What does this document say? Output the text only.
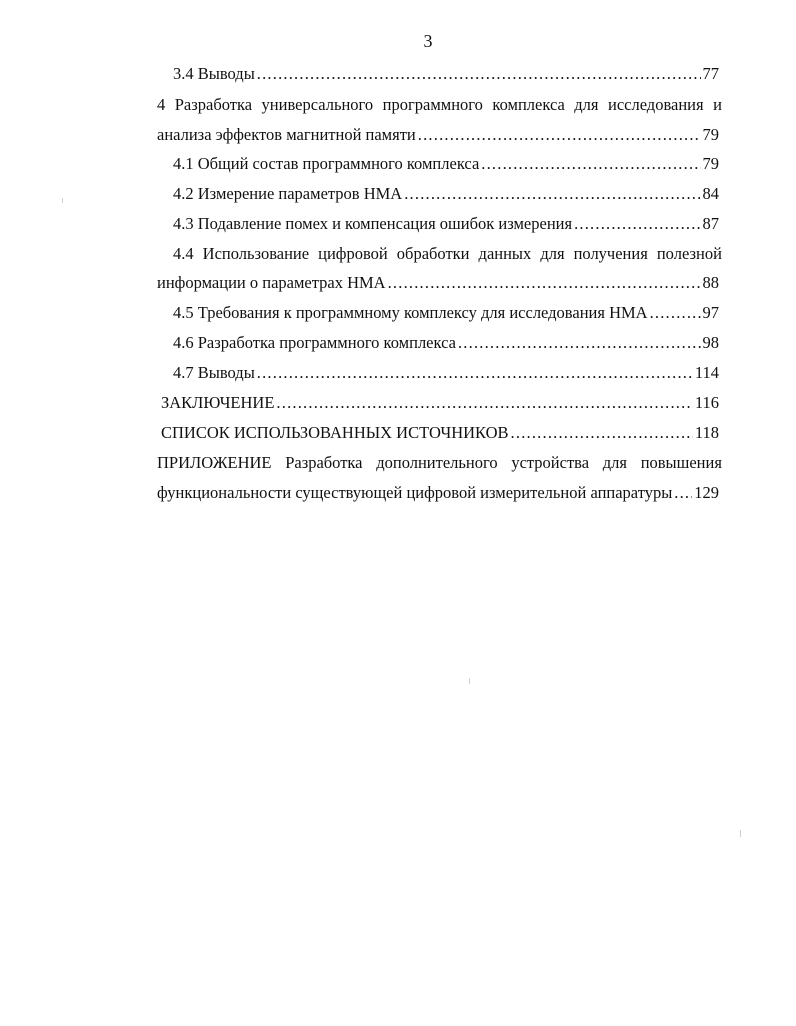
3
3.4 Выводы .....	77
4 Разработка универсального программного комплекса для исследования и
анализа эффектов магнитной памяти .....	79
4.1 Общий состав программного комплекса .....	79
4.2 Измерение параметров НМА .....	84
4.3 Подавление помех и компенсация ошибок измерения .....	87
4.4 Использование цифровой обработки данных для получения полезной
информации о параметрах НМА .....	88
4.5 Требования к программному комплексу для исследования НМА .....	97
4.6 Разработка программного комплекса .....	98
4.7 Выводы .....	114
ЗАКЛЮЧЕНИЕ .....	116
СПИСОК ИСПОЛЬЗОВАННЫХ ИСТОЧНИКОВ .....	118
ПРИЛОЖЕНИЕ Разработка дополнительного устройства для повышения
функциональности существующей цифровой измерительной аппаратуры ..... 129
